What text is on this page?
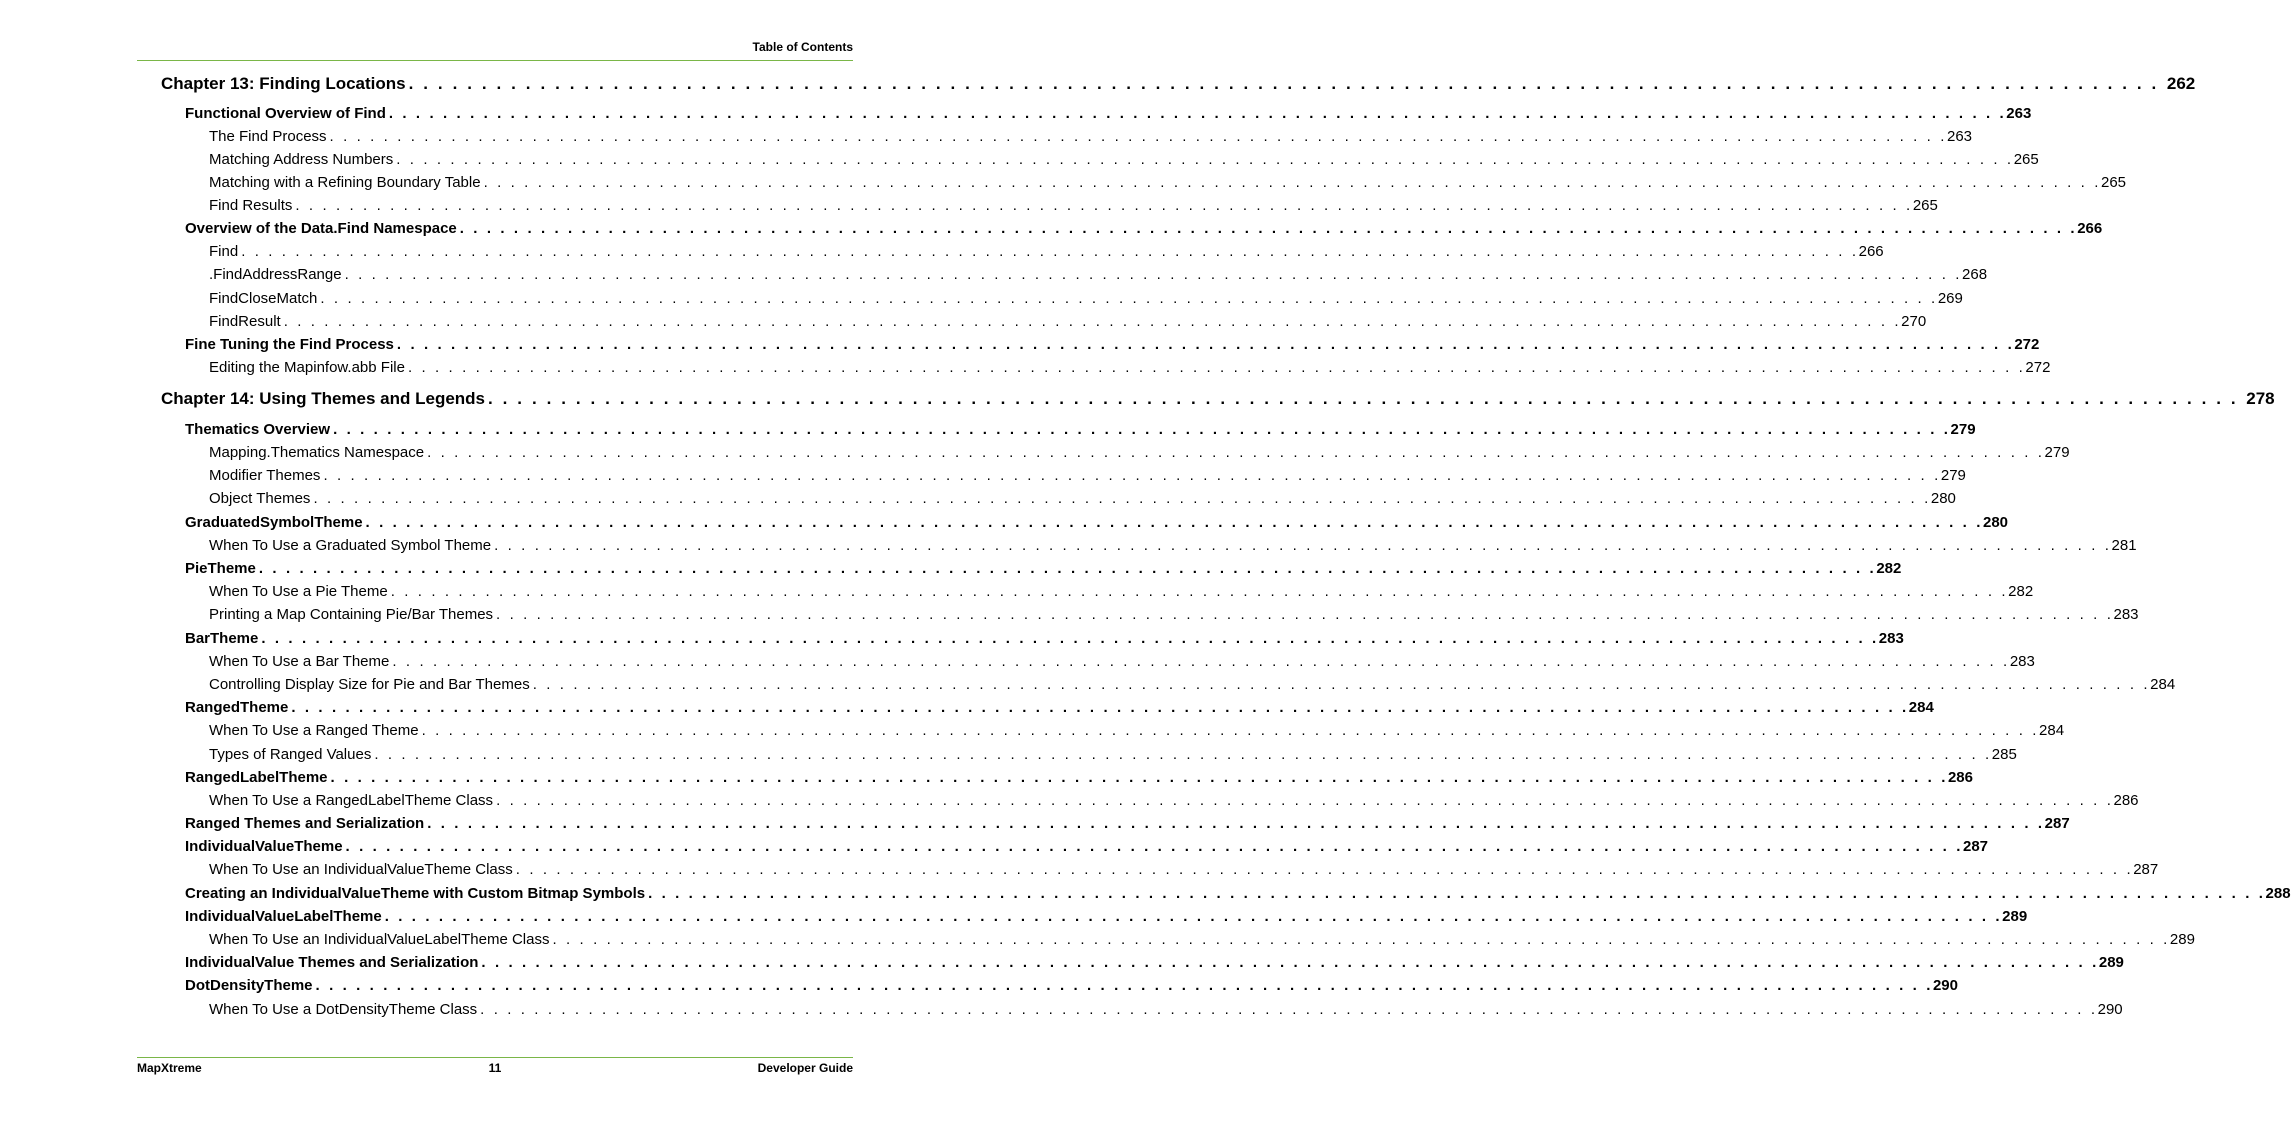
Table of Contents
Chapter 13: Finding Locations . . . . . . . . . . . . . . . . . . . . . . . . . . . . . . . . . . . . . . . . . . . . . . . . . . . . . . . . . . . . . . . . . . . . . . . . . . . . . . . . . . . . . . . . . . . . . . . . . . . . . . . . . . . . . . . . . . . . . . . . 262
Functional Overview of Find . . . . . . . . . . . . . . . . . . . . . . . . . . . . . . . . . . . . . . . . . . . . . . . . . . . . . . . . . . . . . . . . . . . . . . . . . . . . . . . . . . . . . . . . . . . . . . . . . . . . . . . . . . . . . . . . . . . . . . . . 263
The Find Process . . . . . . . . . . . . . . . . . . . . . . . . . . . . . . . . . . . . . . . . . . . . . . . . . . . . . . . . . . . . . . . . . . . . . . . . . . . . . . . . . . . . . . . . . . . . . . . . . . . . . . . . . . . . . . . . . . . . . . . . 263
Matching Address Numbers . . . . . . . . . . . . . . . . . . . . . . . . . . . . . . . . . . . . . . . . . . . . . . . . . . . . . . . . . . . . . . . . . . . . . . . . . . . . . . . . . . . . . . . . . . . . . . . . . . . . . . . . . . . . . . . . . . . . . . . . 265
Matching with a Refining Boundary Table . . . . . . . . . . . . . . . . . . . . . . . . . . . . . . . . . . . . . . . . . . . . . . . . . . . . . . . . . . . . . . . . . . . . . . . . . . . . . . . . . . . . . . . . . . . . . . . . . . . . . . . . . . . . . . . . . . . . . . . . 265
Find Results . . . . . . . . . . . . . . . . . . . . . . . . . . . . . . . . . . . . . . . . . . . . . . . . . . . . . . . . . . . . . . . . . . . . . . . . . . . . . . . . . . . . . . . . . . . . . . . . . . . . . . . . . . . . . . . . . . . . . . . . 265
Overview of the Data.Find Namespace . . . . . . . . . . . . . . . . . . . . . . . . . . . . . . . . . . . . . . . . . . . . . . . . . . . . . . . . . . . . . . . . . . . . . . . . . . . . . . . . . . . . . . . . . . . . . . . . . . . . . . . . . . . . . . . . . . . . . . . . 266
Find . . . . . . . . . . . . . . . . . . . . . . . . . . . . . . . . . . . . . . . . . . . . . . . . . . . . . . . . . . . . . . . . . . . . . . . . . . . . . . . . . . . . . . . . . . . . . . . . . . . . . . . . . . . . . . . . . . . . . . . . 266
.FindAddressRange . . . . . . . . . . . . . . . . . . . . . . . . . . . . . . . . . . . . . . . . . . . . . . . . . . . . . . . . . . . . . . . . . . . . . . . . . . . . . . . . . . . . . . . . . . . . . . . . . . . . . . . . . . . . . . . . . . . . . . . . 268
FindCloseMatch . . . . . . . . . . . . . . . . . . . . . . . . . . . . . . . . . . . . . . . . . . . . . . . . . . . . . . . . . . . . . . . . . . . . . . . . . . . . . . . . . . . . . . . . . . . . . . . . . . . . . . . . . . . . . . . . . . . . . . . . 269
FindResult . . . . . . . . . . . . . . . . . . . . . . . . . . . . . . . . . . . . . . . . . . . . . . . . . . . . . . . . . . . . . . . . . . . . . . . . . . . . . . . . . . . . . . . . . . . . . . . . . . . . . . . . . . . . . . . . . . . . . . . . 270
Fine Tuning the Find Process . . . . . . . . . . . . . . . . . . . . . . . . . . . . . . . . . . . . . . . . . . . . . . . . . . . . . . . . . . . . . . . . . . . . . . . . . . . . . . . . . . . . . . . . . . . . . . . . . . . . . . . . . . . . . . . . . . . . . . . . 272
Editing the Mapinfow.abb File . . . . . . . . . . . . . . . . . . . . . . . . . . . . . . . . . . . . . . . . . . . . . . . . . . . . . . . . . . . . . . . . . . . . . . . . . . . . . . . . . . . . . . . . . . . . . . . . . . . . . . . . . . . . . . . . . . . . . . . . 272
Chapter 14: Using Themes and Legends . . . . . . . . . . . . . . . . . . . . . . . . . . . . . . . . . . . . . . . . . . . . . . . . . . . . . . . . . . . . . . . . . . . . . . . . . . . . . . . . . . . . . . . . . . . . . . . . . . . . . . . . . . . . . . . . . . . . . . . . 278
Thematics Overview . . . . . . . . . . . . . . . . . . . . . . . . . . . . . . . . . . . . . . . . . . . . . . . . . . . . . . . . . . . . . . . . . . . . . . . . . . . . . . . . . . . . . . . . . . . . . . . . . . . . . . . . . . . . . . . . . . . . . . . . 279
Mapping.Thematics Namespace . . . . . . . . . . . . . . . . . . . . . . . . . . . . . . . . . . . . . . . . . . . . . . . . . . . . . . . . . . . . . . . . . . . . . . . . . . . . . . . . . . . . . . . . . . . . . . . . . . . . . . . . . . . . . . . . . . . . . . . . 279
Modifier Themes . . . . . . . . . . . . . . . . . . . . . . . . . . . . . . . . . . . . . . . . . . . . . . . . . . . . . . . . . . . . . . . . . . . . . . . . . . . . . . . . . . . . . . . . . . . . . . . . . . . . . . . . . . . . . . . . . . . . . . . . 279
Object Themes . . . . . . . . . . . . . . . . . . . . . . . . . . . . . . . . . . . . . . . . . . . . . . . . . . . . . . . . . . . . . . . . . . . . . . . . . . . . . . . . . . . . . . . . . . . . . . . . . . . . . . . . . . . . . . . . . . . . . . . . 280
GraduatedSymbolTheme . . . . . . . . . . . . . . . . . . . . . . . . . . . . . . . . . . . . . . . . . . . . . . . . . . . . . . . . . . . . . . . . . . . . . . . . . . . . . . . . . . . . . . . . . . . . . . . . . . . . . . . . . . . . . . . . . . . . . . . . 280
When To Use a Graduated Symbol Theme . . . . . . . . . . . . . . . . . . . . . . . . . . . . . . . . . . . . . . . . . . . . . . . . . . . . . . . . . . . . . . . . . . . . . . . . . . . . . . . . . . . . . . . . . . . . . . . . . . . . . . . . . . . . . . . . . . . . . . . . 281
PieTheme . . . . . . . . . . . . . . . . . . . . . . . . . . . . . . . . . . . . . . . . . . . . . . . . . . . . . . . . . . . . . . . . . . . . . . . . . . . . . . . . . . . . . . . . . . . . . . . . . . . . . . . . . . . . . . . . . . . . . . . . 282
When To Use a Pie Theme . . . . . . . . . . . . . . . . . . . . . . . . . . . . . . . . . . . . . . . . . . . . . . . . . . . . . . . . . . . . . . . . . . . . . . . . . . . . . . . . . . . . . . . . . . . . . . . . . . . . . . . . . . . . . . . . . . . . . . . . 282
Printing a Map Containing Pie/Bar Themes . . . . . . . . . . . . . . . . . . . . . . . . . . . . . . . . . . . . . . . . . . . . . . . . . . . . . . . . . . . . . . . . . . . . . . . . . . . . . . . . . . . . . . . . . . . . . . . . . . . . . . . . . . . . . . . . . . . . . . . . 283
BarTheme . . . . . . . . . . . . . . . . . . . . . . . . . . . . . . . . . . . . . . . . . . . . . . . . . . . . . . . . . . . . . . . . . . . . . . . . . . . . . . . . . . . . . . . . . . . . . . . . . . . . . . . . . . . . . . . . . . . . . . . . 283
When To Use a Bar Theme . . . . . . . . . . . . . . . . . . . . . . . . . . . . . . . . . . . . . . . . . . . . . . . . . . . . . . . . . . . . . . . . . . . . . . . . . . . . . . . . . . . . . . . . . . . . . . . . . . . . . . . . . . . . . . . . . . . . . . . . 283
Controlling Display Size for Pie and Bar Themes . . . . . . . . . . . . . . . . . . . . . . . . . . . . . . . . . . . . . . . . . . . . . . . . . . . . . . . . . . . . . . . . . . . . . . . . . . . . . . . . . . . . . . . . . . . . . . . . . . . . . . . . . . . . . . . . . . . . . . . . 284
RangedTheme . . . . . . . . . . . . . . . . . . . . . . . . . . . . . . . . . . . . . . . . . . . . . . . . . . . . . . . . . . . . . . . . . . . . . . . . . . . . . . . . . . . . . . . . . . . . . . . . . . . . . . . . . . . . . . . . . . . . . . . . 284
When To Use a Ranged Theme . . . . . . . . . . . . . . . . . . . . . . . . . . . . . . . . . . . . . . . . . . . . . . . . . . . . . . . . . . . . . . . . . . . . . . . . . . . . . . . . . . . . . . . . . . . . . . . . . . . . . . . . . . . . . . . . . . . . . . . . 284
Types of Ranged Values . . . . . . . . . . . . . . . . . . . . . . . . . . . . . . . . . . . . . . . . . . . . . . . . . . . . . . . . . . . . . . . . . . . . . . . . . . . . . . . . . . . . . . . . . . . . . . . . . . . . . . . . . . . . . . . . . . . . . . . . 285
RangedLabelTheme . . . . . . . . . . . . . . . . . . . . . . . . . . . . . . . . . . . . . . . . . . . . . . . . . . . . . . . . . . . . . . . . . . . . . . . . . . . . . . . . . . . . . . . . . . . . . . . . . . . . . . . . . . . . . . . . . . . . . . . . 286
When To Use a RangedLabelTheme Class . . . . . . . . . . . . . . . . . . . . . . . . . . . . . . . . . . . . . . . . . . . . . . . . . . . . . . . . . . . . . . . . . . . . . . . . . . . . . . . . . . . . . . . . . . . . . . . . . . . . . . . . . . . . . . . . . . . . . . . . 286
Ranged Themes and Serialization . . . . . . . . . . . . . . . . . . . . . . . . . . . . . . . . . . . . . . . . . . . . . . . . . . . . . . . . . . . . . . . . . . . . . . . . . . . . . . . . . . . . . . . . . . . . . . . . . . . . . . . . . . . . . . . . . . . . . . . . 287
IndividualValueTheme . . . . . . . . . . . . . . . . . . . . . . . . . . . . . . . . . . . . . . . . . . . . . . . . . . . . . . . . . . . . . . . . . . . . . . . . . . . . . . . . . . . . . . . . . . . . . . . . . . . . . . . . . . . . . . . . . . . . . . . . 287
When To Use an IndividualValueTheme Class . . . . . . . . . . . . . . . . . . . . . . . . . . . . . . . . . . . . . . . . . . . . . . . . . . . . . . . . . . . . . . . . . . . . . . . . . . . . . . . . . . . . . . . . . . . . . . . . . . . . . . . . . . . . . . . . . . . . . . . . 287
Creating an IndividualValueTheme with Custom Bitmap Symbols . . . . . . . . . . . . . . . . . . . . . . . . . . . . . . . . . . . . . . . . . . . . . . . . . . . . . . . . . . . . . . . . . . . . . . . . . . . . . . . . . . . . . . . . . . . . . . . . . . . . . . . . . . . . . . . . . . . . . . . . 288
IndividualValueLabelTheme . . . . . . . . . . . . . . . . . . . . . . . . . . . . . . . . . . . . . . . . . . . . . . . . . . . . . . . . . . . . . . . . . . . . . . . . . . . . . . . . . . . . . . . . . . . . . . . . . . . . . . . . . . . . . . . . . . . . . . . . 289
When To Use an IndividualValueLabelTheme Class . . . . . . . . . . . . . . . . . . . . . . . . . . . . . . . . . . . . . . . . . . . . . . . . . . . . . . . . . . . . . . . . . . . . . . . . . . . . . . . . . . . . . . . . . . . . . . . . . . . . . . . . . . . . . . . . . . . . . . . . 289
IndividualValue Themes and Serialization . . . . . . . . . . . . . . . . . . . . . . . . . . . . . . . . . . . . . . . . . . . . . . . . . . . . . . . . . . . . . . . . . . . . . . . . . . . . . . . . . . . . . . . . . . . . . . . . . . . . . . . . . . . . . . . . . . . . . . . . 289
DotDensityTheme . . . . . . . . . . . . . . . . . . . . . . . . . . . . . . . . . . . . . . . . . . . . . . . . . . . . . . . . . . . . . . . . . . . . . . . . . . . . . . . . . . . . . . . . . . . . . . . . . . . . . . . . . . . . . . . . . . . . . . . . 290
When To Use a DotDensityTheme Class . . . . . . . . . . . . . . . . . . . . . . . . . . . . . . . . . . . . . . . . . . . . . . . . . . . . . . . . . . . . . . . . . . . . . . . . . . . . . . . . . . . . . . . . . . . . . . . . . . . . . . . . . . . . . . . . . . . . . . . . 290
MapXtreme	11	Developer Guide
